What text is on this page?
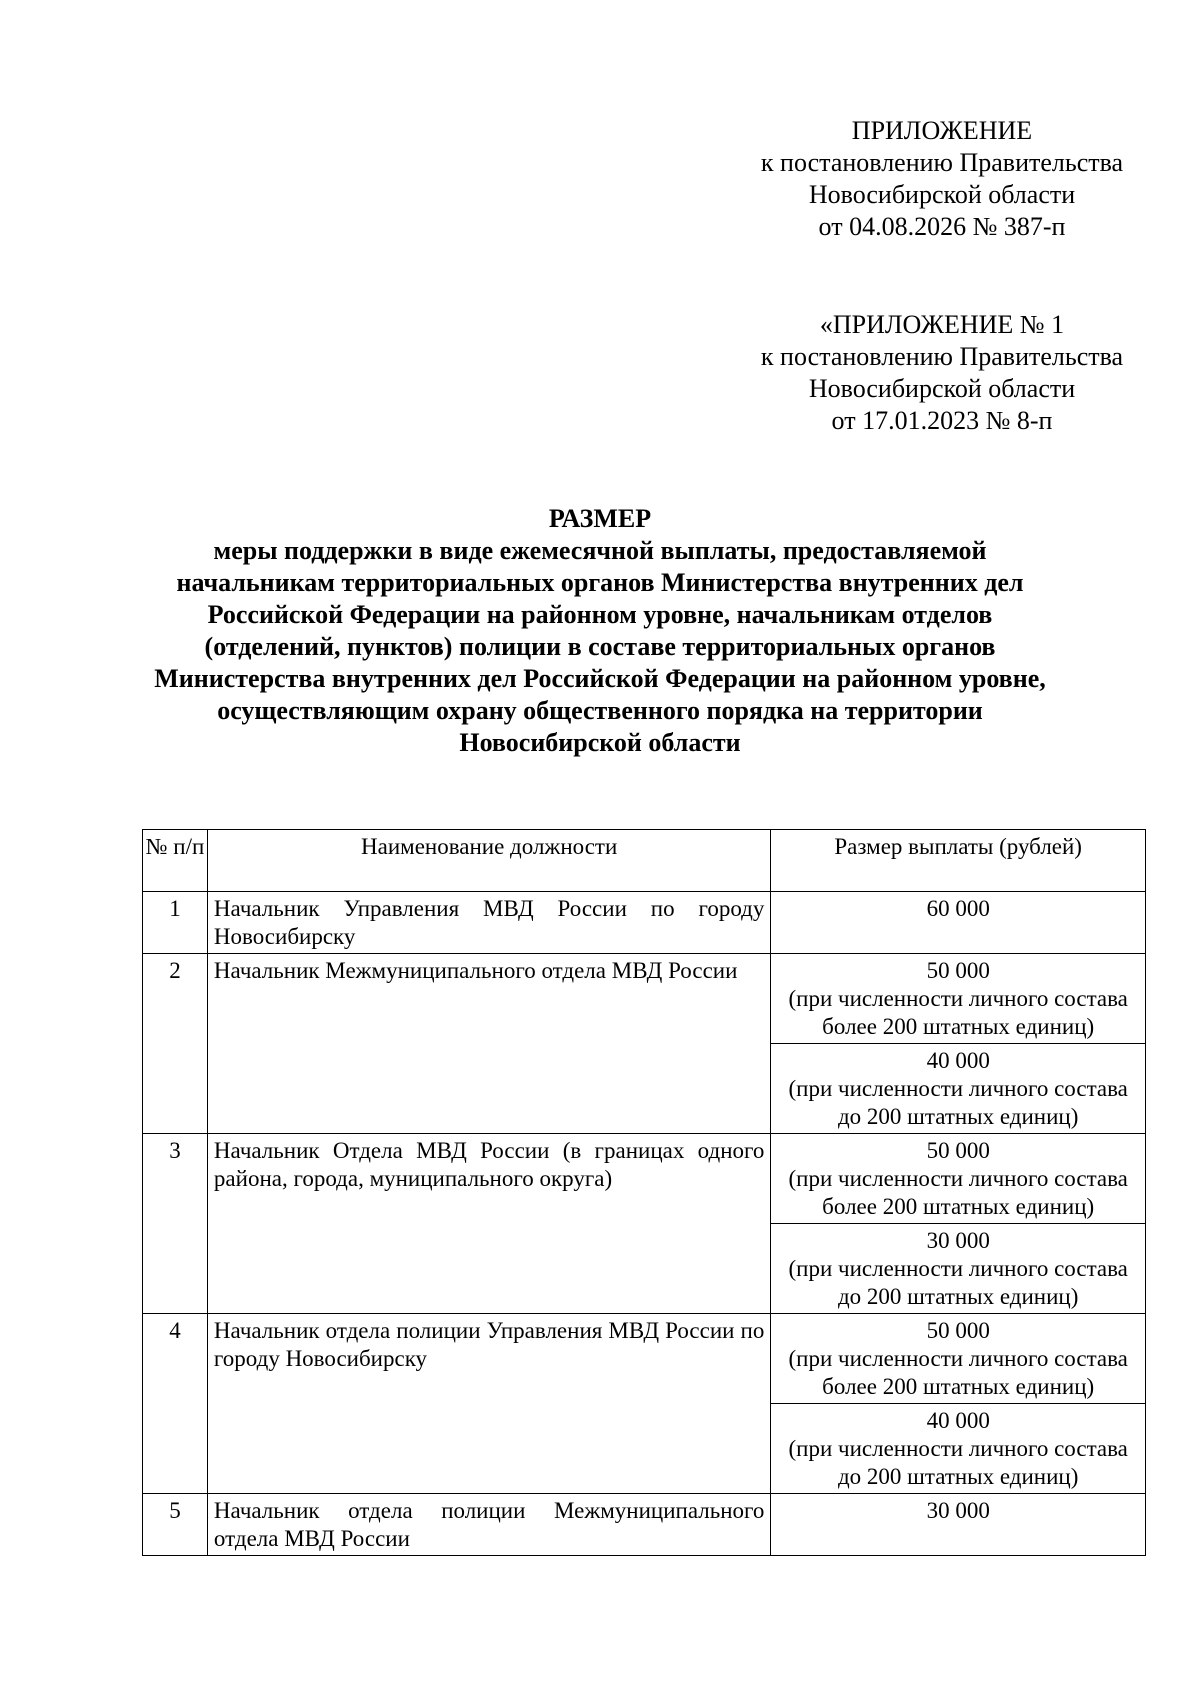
ПРИЛОЖЕНИЕ
к постановлению Правительства
Новосибирской области
от 04.08.2026 № 387-п
«ПРИЛОЖЕНИЕ № 1
к постановлению Правительства
Новосибирской области
от 17.01.2023 № 8-п
РАЗМЕР
меры поддержки в виде ежемесячной выплаты, предоставляемой
начальникам территориальных органов Министерства внутренних дел
Российской Федерации на районном уровне, начальникам отделов
(отделений, пунктов) полиции в составе территориальных органов
Министерства внутренних дел Российской Федерации на районном уровне,
осуществляющим охрану общественного порядка на территории
Новосибирской области
№ п/п	Наименование должности	Размер выплаты (рублей)
1	Начальник Управления МВД России по городу Новосибирску	60 000
2	Начальник Межмуниципального отдела МВД России	50 000
(при численности личного состава более 200 штатных единиц)

		40 000
(при численности личного состава до 200 штатных единиц)

3	Начальник Отдела МВД России (в границах одного района, города, муниципального округа)	50 000
(при численности личного состава более 200 штатных единиц)

		30 000
(при численности личного состава до 200 штатных единиц)

4	Начальник отдела полиции Управления МВД России по городу Новосибирску	50 000
(при численности личного состава более 200 штатных единиц)

		40 000
(при численности личного состава до 200 штатных единиц)

5	Начальник отдела полиции Межмуниципального отдела МВД России	30 000
